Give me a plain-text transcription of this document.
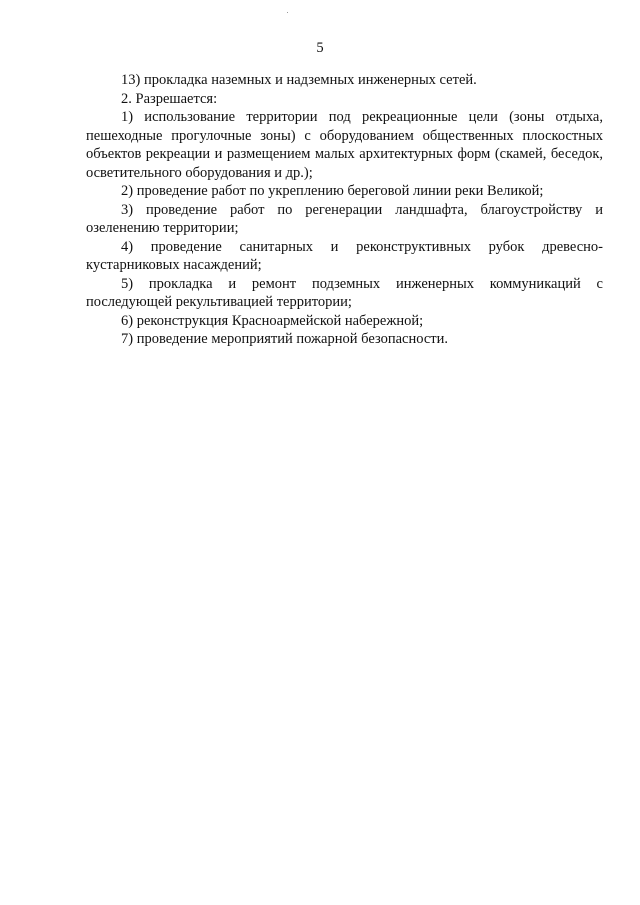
5

13) прокладка наземных и надземных инженерных сетей.

2. Разрешается:

1) использование территории под рекреационные цели (зоны отдыха, пешеходные прогулочные зоны) с оборудованием общественных плоскостных объектов рекреации и размещением малых архитектурных форм (скамей, беседок, осветительного оборудования и др.);

2) проведение работ по укреплению береговой линии реки Великой;

3) проведение работ по регенерации ландшафта, благоустройству и озеленению территории;

4) проведение санитарных и реконструктивных рубок древесно-кустарниковых насаждений;

5) прокладка и ремонт подземных инженерных коммуникаций с последующей рекультивацией территории;

6) реконструкция Красноармейской набережной;

7) проведение мероприятий пожарной безопасности.
